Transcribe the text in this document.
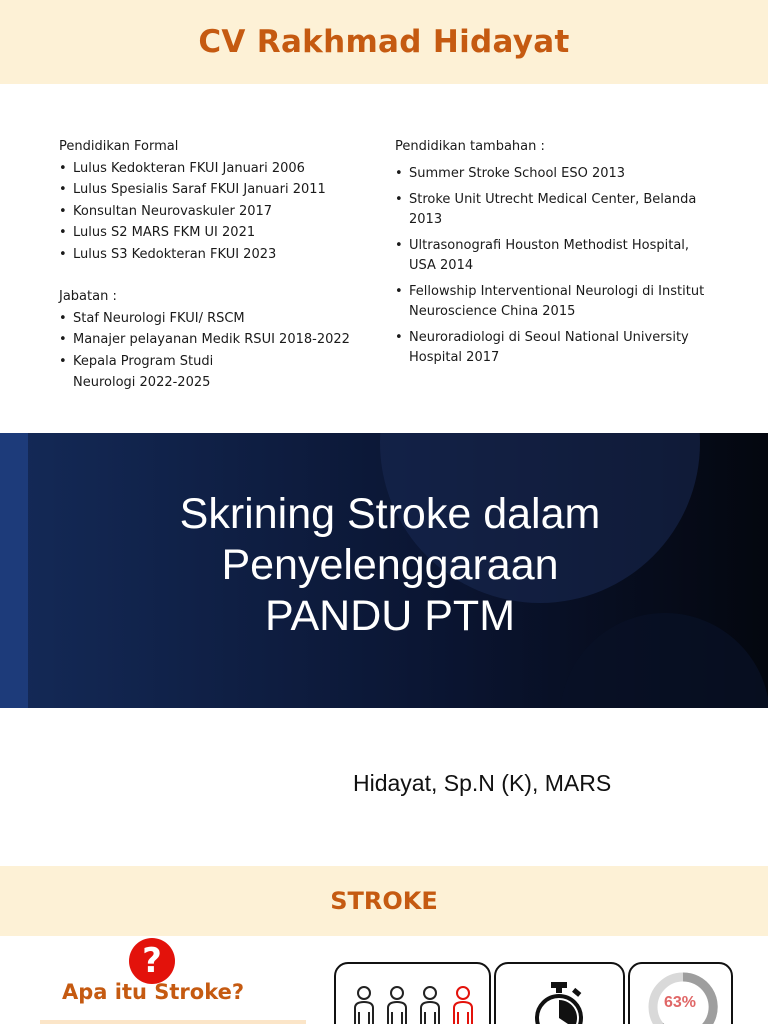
CV Rakhmad Hidayat
Pendidikan Formal
• Lulus Kedokteran FKUI Januari 2006
• Lulus Spesialis Saraf FKUI Januari 2011
• Konsultan Neurovaskuler 2017
• Lulus S2 MARS FKM UI 2021
• Lulus S3 Kedokteran FKUI 2023
Jabatan :
• Staf Neurologi FKUI/ RSCM
• Manajer pelayanan Medik RSUI 2018-2022
• Kepala Program Studi Neurologi 2022-2025
Pendidikan tambahan :
• Summer Stroke School ESO 2013
• Stroke Unit Utrecht Medical Center, Belanda 2013
• Ultrasonografi Houston Methodist Hospital, USA 2014
• Fellowship Interventional Neurologi di Institut Neuroscience China 2015
• Neuroradiologi di Seoul National University Hospital 2017
Skrining Stroke dalam
Penyelenggaraan
PANDU PTM
Hidayat, Sp.N (K), MARS
STROKE
?
Apa itu Stroke?	63%
